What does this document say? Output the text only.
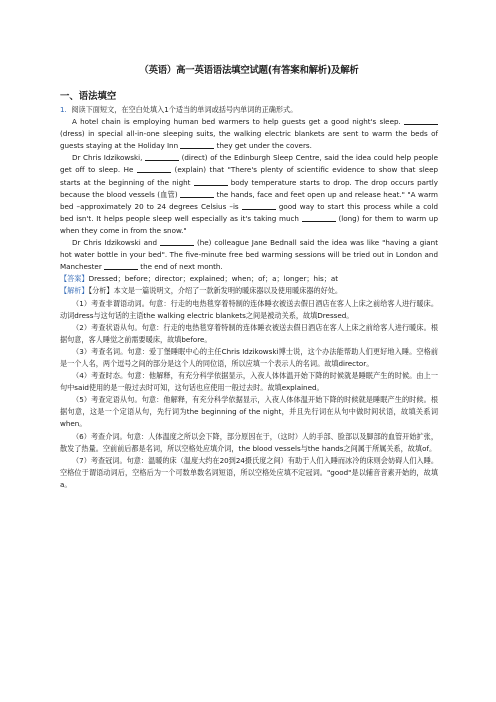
（英语）高一英语语法填空试题(有答案和解析)及解析
一、语法填空

1. 阅读下面短文，在空白处填入1个适当的单词或括号内单词的正确形式。

A hotel chain is employing human bed warmers to help guests get a good night's sleep.  (dress) in special all-in-one sleeping suits, the walking electric blankets are sent to warm the beds of guests staying at the Holiday Inn	they get under the covers.

Dr Chris Idzikowski,	(direct) of the Edinburgh Sleep Centre, said the idea could help people get off to sleep. He	(explain) that "There's plenty of scientific evidence to show that sleep starts at the beginning of the night	body temperature starts to drop. The drop occurs partly because the blood vessels (血管)	the hands, face and feet open up and release heat." "A warm bed –approximately 20 to 24 degrees Celsius –is	good way to start this process while a cold bed isn't. It helps people sleep well especially as it's taking much	(long) for them to warm up when they come in from the snow."

Dr Chris Idzikowski and	(he) colleague Jane Bednall said the idea was like "having a giant hot water bottle in your bed". The five-minute free bed warming sessions will be tried out in London and Manchester	the end of next month.

【答案】Dressed；before；director；explained；when；of；a；longer；his；at

【解析】【分析】本文是一篇说明文，介绍了一款新发明的暖床器以及使用暖床器的好处。

（1）考查非谓语动词。句意：行走的电热毯穿着特制的连体睡衣被送去假日酒店在客人上床之前给客人进行暖床。动词dress与这句话的主语the walking electric blankets之间是被动关系，故填Dressed。

（2）考查状语从句。句意：行走的电热毯穿着特制的连体睡衣被送去假日酒店在客人上床之前给客人进行暖床。根据句意，客人睡觉之前需要暖床，故填before。

（3）考查名词。句意：爱丁堡睡眠中心的主任Chris Idzikowski博士说，这个办法能帮助人们更好地入睡。空格前是一个人名，两个逗号之间的部分是这个人的同位语，所以应填一个表示人的名词。故填director。

（4）考查时态。句意：他解释，有充分科学依据显示，入夜人体体温开始下降的时候就是睡眠产生的时候。由上一句中said使用的是一般过去时可知，这句话也应使用一般过去时。故填explained。

（5）考查定语从句。句意：他解释，有充分科学依据显示，入夜人体体温开始下降的时候就是睡眠产生的时候。根据句意，这是一个定语从句，先行词为the beginning of the night，并且先行词在从句中做时间状语，故填关系词when。

（6）考查介词。句意：人体温度之所以会下降，部分原因在于，（这时）人的手部、脸部以及脚部的血管开始扩张，散发了热量。空前前后都是名词，所以空格处应填介词，the blood vessels与the hands之间属于所属关系，故填of。

（7）考查冠词。句意：温暖的床（温度大约在20到24摄氏度之间）有助于人们入睡而冰冷的床则会妨碍人们入睡。空格位于谓语动词后，空格后为一个可数单数名词短语，所以空格处应填不定冠词。"good"是以辅音音素开始的，故填a。
